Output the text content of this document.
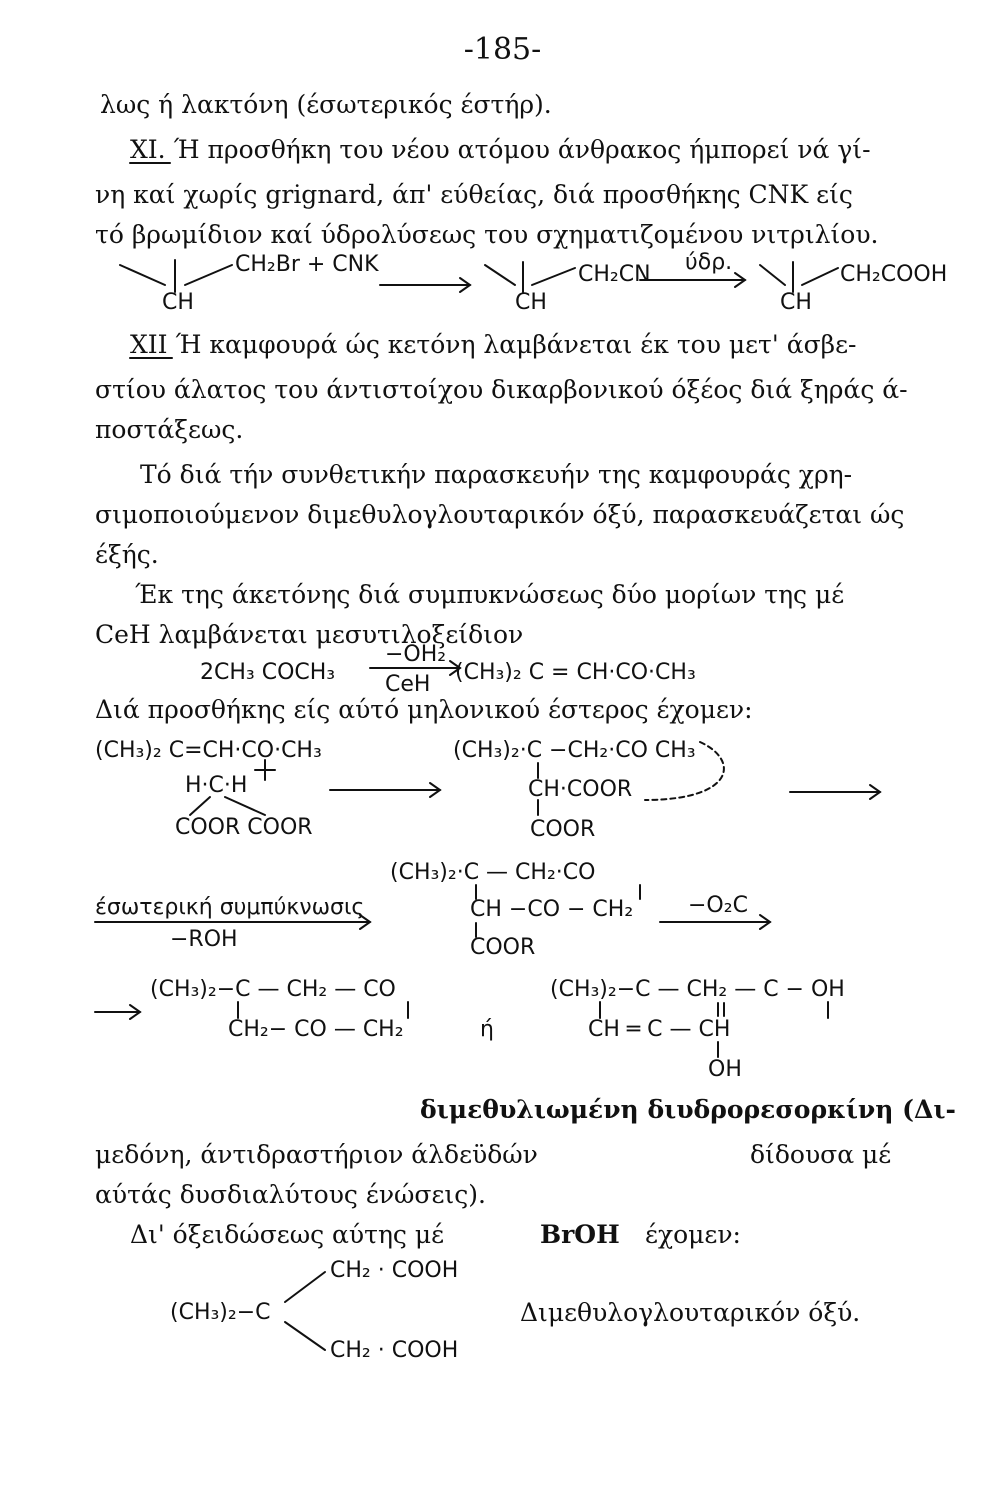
-185-
λως ή λακτόνη (έσωτερικός έστήρ).
ΧΙ. Ή προσθήκη του νέου ατόμου άνθρακος ήμπορεί νά γί-
νη καί χωρίς grignard, άπ' εύθείας, διά προσθήκης CNK είς
τό βρωμίδιον καί ύδρολύσεως του σχηματιζομένου νιτριλίου.
CH₂Br + CNK
CH
CH₂CN
CH
ύδρ.	CH₂COOH
CH
ΧΙΙ Ή καμφουρά ώς κετόνη λαμβάνεται έκ του μετ' άσβε-
στίου άλατος του άντιστοίχου δικαρβονικού όξέος διά ξηράς ά-
ποστάξεως.
Τό διά τήν συνθετικήν παρασκευήν της καμφουράς χρη-
σιμοποιούμενον διμεθυλογλουταρικόν όξύ, παρασκευάζεται ώς
έξής.
Έκ της άκετόνης διά συμπυκνώσεως δύο μορίων της μέ
CeH λαμβάνεται μεσυτιλοξείδιον
2CH₃ COCH₃
−OH₂
CeH (CH₃)₂ C = CH·CO·CH₃
Διά προσθήκης είς αύτό μηλονικού έστερος έχομεν:
(CH₃)₂ C=CH·CO·CH₃
H·C·H
COOR COOR
(CH₃)₂·C −CH₂·CO CH₃
CH·COOR
COOR
(CH₃)₂·C — CH₂·CO
CH −CO − CH₂
COOR
έσωτερική συμπύκνωσις
−ROH
−O₂C
(CH₃)₂−C — CH₂ — CO
CH₂− CO — CH₂	ή
(CH₃)₂−C — CH₂ — C − OH
CH ═ C — CH
OH
διμεθυλιωμένη διυδρορεσορκίνη (Δι-
μεδόνη, άντιδραστήριον άλδεϋδών	δίδουσα μέ
αύτάς δυσδιαλύτους ένώσεις).
Δι' όξειδώσεως αύτης μέ	ΒrΟΗ έχομεν:
CH₂ · COOH
(CH₃)₂−C
CH₂ · COOH
Διμεθυλογλουταρικόν όξύ.
